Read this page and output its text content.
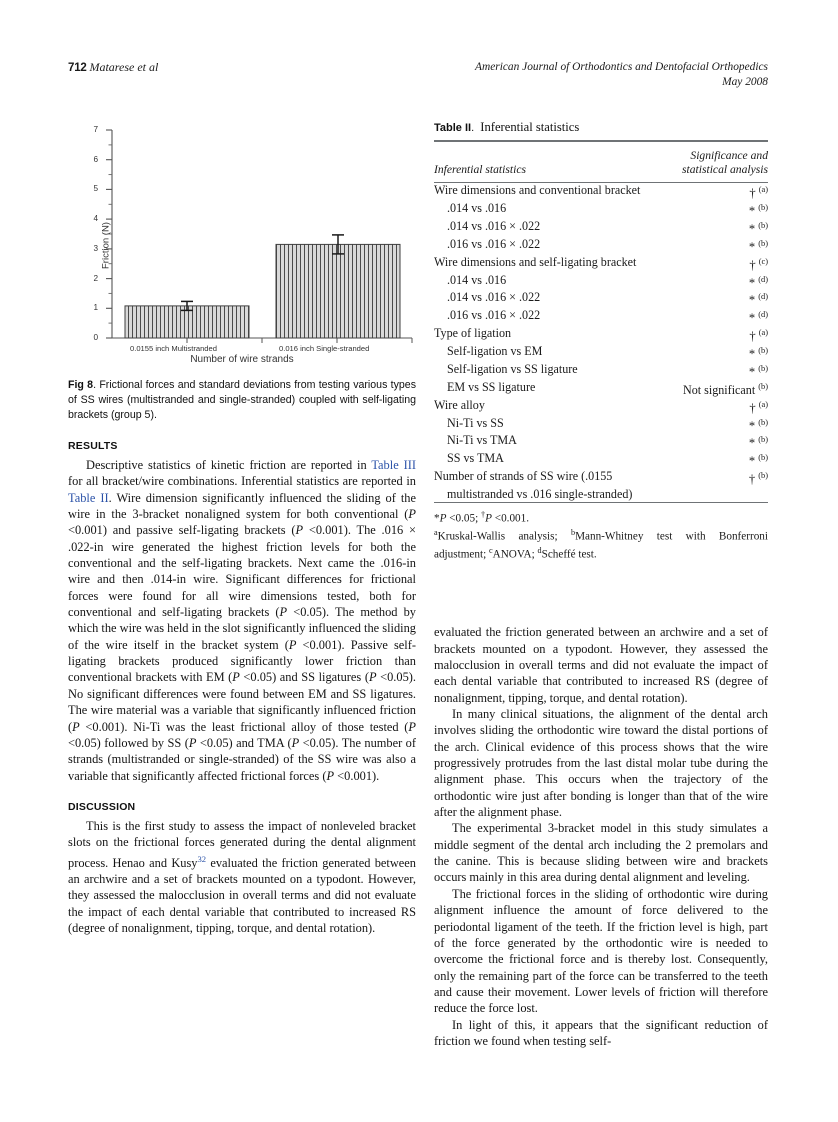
712 Matarese et al	American Journal of Orthodontics and Dentofacial Orthopedics
May 2008
0
1
2
3
4
5
6
7
Friction (N)
0.0155 inch Multistranded	0.016 inch Single-stranded
Number of wire strands
Fig 8. Frictional forces and standard deviations from testing various types of SS wires (multistranded and single-stranded) coupled with self-ligating brackets (group 5).
RESULTS

Descriptive statistics of kinetic friction are reported in Table III for all bracket/wire combinations. Inferential statistics are reported in Table II. Wire dimension significantly influenced the sliding of the wire in the 3-bracket nonaligned system for both conventional (P <0.001) and passive self-ligating brackets (P <0.001). The .016 × .022-in wire generated the highest friction levels for both the conventional and the self-ligating brackets. Next came the .016-in wire and then .014-in wire. Significant differences for frictional forces were found for all wire dimensions tested, both for conventional and self-ligating brackets (P <0.05). The method by which the wire was held in the slot significantly influenced the sliding of the wire itself in the bracket system (P <0.001). Passive self-ligating brackets produced significantly lower friction than conventional brackets with EM (P <0.05) and SS ligatures (P <0.05). No significant differences were found between EM and SS ligatures. The wire material was a variable that significantly influenced friction (P <0.001). Ni-Ti was the least frictional alloy of those tested (P <0.05) followed by SS (P <0.05) and TMA (P <0.05). The number of strands (multistranded or single-stranded) of the SS wire was also a variable that significantly affected frictional forces (P <0.001).

DISCUSSION

This is the first study to assess the impact of nonleveled bracket slots on the frictional forces generated during the dental alignment process. Henao and Kusy$^{32}$ evaluated the friction generated between an archwire and a set of brackets mounted on a typodont. However, they assessed the malocclusion in overall terms and did not evaluate the impact of each dental variable that contributed to increased RS (degree of nonalignment, tipping, torque, and dental rotation).

Table II. Inferential statistics
Inferential statistics	Significance and
statistical analysis

Wire dimensions and conventional bracket	† $^{(a)}$
.014 vs .016	* $^{(b)}$
.014 vs .016 × .022	* $^{(b)}$
.016 vs .016 × .022	* $^{(b)}$
Wire dimensions and self-ligating bracket	† $^{(c)}$
.014 vs .016	* $^{(d)}$
.014 vs .016 × .022	* $^{(d)}$
.016 vs .016 × .022	* $^{(d)}$
Type of ligation	† $^{(a)}$
Self-ligation vs EM	* $^{(b)}$
Self-ligation vs SS ligature	* $^{(b)}$
EM vs SS ligature	Not significant $^{(b)}$
Wire alloy	† $^{(a)}$
Ni-Ti vs SS	* $^{(b)}$
Ni-Ti vs TMA	* $^{(b)}$
SS vs TMA	* $^{(b)}$
Number of strands of SS wire (.0155	† $^{(b)}$
multistranded vs .016 single-stranded)	
*P <0.05; †P <0.001.
$^a$Kruskal-Wallis analysis; $^b$Mann-Whitney test with Bonferroni adjustment; $^c$ANOVA; $^d$Scheffé test.

evaluated the friction generated between an archwire and a set of brackets mounted on a typodont. However, they assessed the malocclusion in overall terms and did not evaluate the impact of each dental variable that contributed to increased RS (degree of nonalignment, tipping, torque, and dental rotation).

In many clinical situations, the alignment of the dental arch involves sliding the orthodontic wire toward the distal portions of the arch. Clinical evidence of this process shows that the wire progressively protrudes from the last distal molar tube during the alignment phase. This occurs when the trajectory of the orthodontic wire just after bonding is longer than that of the wire after the alignment phase.

The experimental 3-bracket model in this study simulates a middle segment of the dental arch including the 2 premolars and the canine. This is because sliding between wire and brackets occurs mainly in this area during dental alignment and leveling.

The frictional forces in the sliding of orthodontic wire during alignment influence the amount of force delivered to the periodontal ligament of the teeth. If the friction level is high, part of the force generated by the orthodontic wire is needed to overcome the frictional force and is thereby lost. Consequently, only the remaining part of the force can be transferred to the teeth and cause their movement. Lower levels of friction will therefore reduce the force lost.

In light of this, it appears that the significant reduction of friction we found when testing self-
